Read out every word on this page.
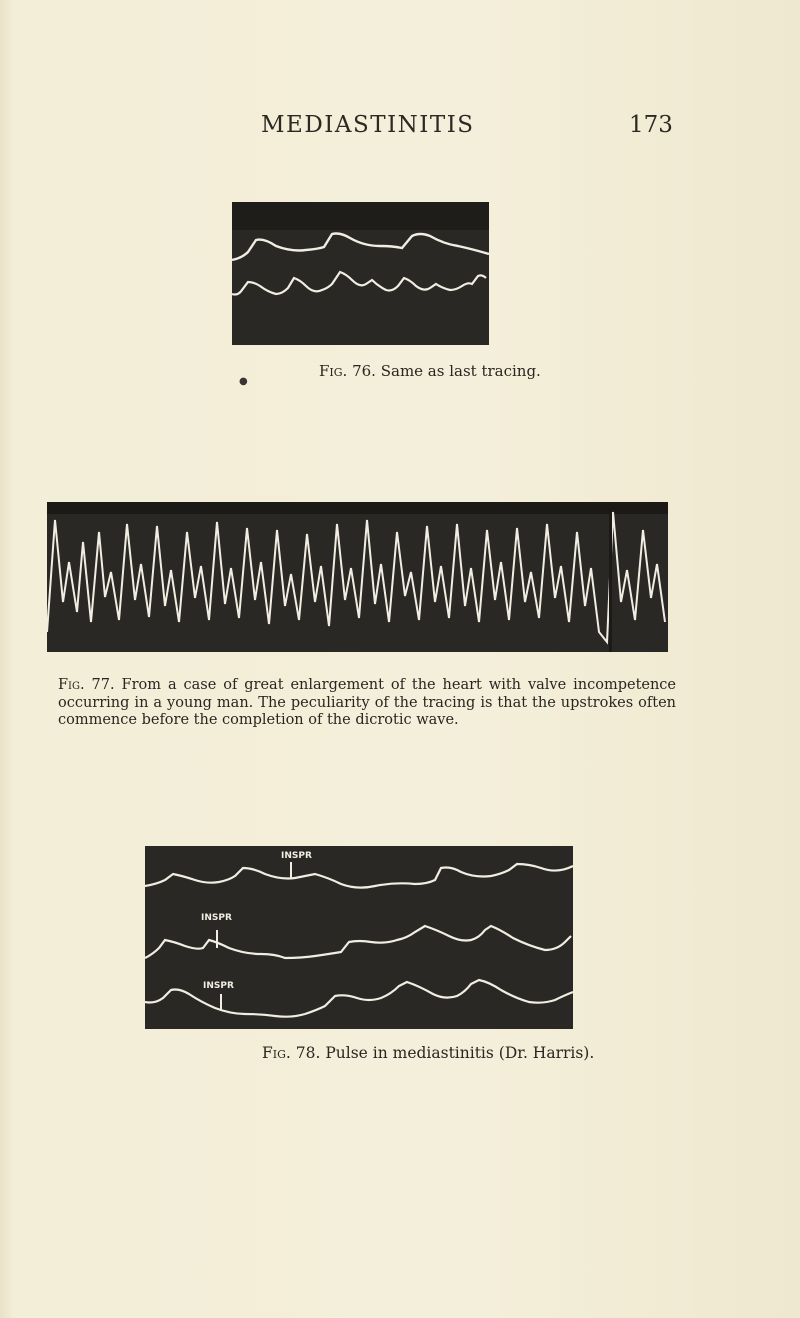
MEDIASTINITIS	173
Fig. 76. Same as last tracing.
●
Fig. 77. From a case of great enlargement of the heart with valve incompetence occurring in a young man. The peculiarity of the tracing is that the upstrokes often commence before the completion of the dicrotic wave.
INSPR
INSPR
INSPR
Fig. 78. Pulse in mediastinitis (Dr. Harris).
